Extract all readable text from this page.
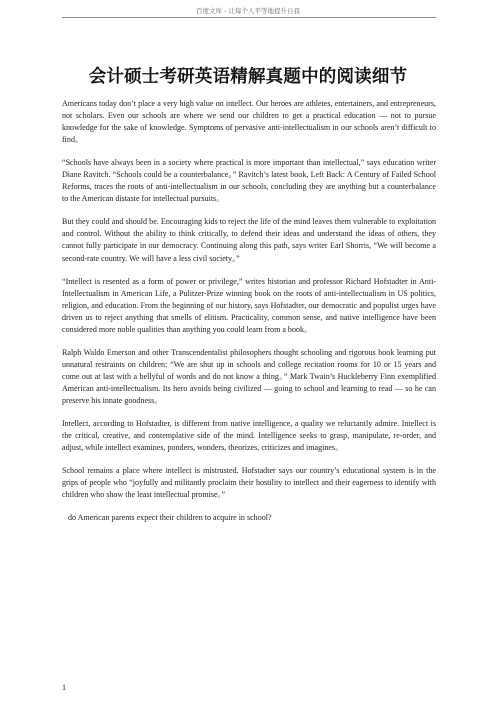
百度文库 - 让每个人平等地提升自我
会计硕士考研英语精解真题中的阅读细节

Americans today don’t place a very high value on intellect. Our heroes are athletes, entertainers, and entrepreneurs, not scholars. Even our schools are where we send our children to get a practical education — not to pursue knowledge for the sake of knowledge. Symptoms of pervasive anti-intellectualism in our schools aren’t difficult to find。

“Schools have always been in a society where practical is more important than intellectual,” says education writer Diane Ravitch. “Schools could be a counterbalance。” Ravitch’s latest book, Left Back: A Century of Failed School Reforms, traces the roots of anti-intellectualism in our schools, concluding they are anything but a counterbalance to the American distaste for intellectual pursuits。

But they could and should be. Encouraging kids to reject the life of the mind leaves them vulnerable to exploitation and control. Without the ability to think critically, to defend their ideas and understand the ideas of others, they cannot fully participate in our democracy. Continuing along this path, says writer Earl Shorris, “We will become a second-rate country. We will have a less civil society。”

“Intellect is resented as a form of power or privilege,” writes historian and professor Richard Hofstadter in Anti-Intellectualism in American Life, a Pulitzer-Prize winning book on the roots of anti-intellectualism in US politics, religion, and education. From the beginning of our history, says Hofstadter, our democratic and populist urges have driven us to reject anything that smells of elitism. Practicality, common sense, and native intelligence have been considered more noble qualities than anything you could learn from a book。

Ralph Waldo Emerson and other Transcendentalist philosophers thought schooling and rigorous book learning put unnatural restraints on children: “We are shut up in schools and college recitation rooms for 10 or 15 years and come out at last with a bellyful of words and do not know a thing。” Mark Twain’s Huckleberry Finn exemplified American anti-intellectualism. Its hero avoids being civilized — going to school and learning to read — so he can preserve his innate goodness。

Intellect, according to Hofstadter, is different from native intelligence, a quality we reluctantly admire. Intellect is the critical, creative, and contemplative side of the mind. Intelligence seeks to grasp, manipulate, re-order, and adjust, while intellect examines, ponders, wonders, theorizes, criticizes and imagines。

School remains a place where intellect is mistrusted. Hofstadter says our country’s educational system is in the grips of people who “joyfully and militantly proclaim their hostility to intellect and their eagerness to identify with children who show the least intellectual promise。”

do American parents expect their children to acquire in school?

1
